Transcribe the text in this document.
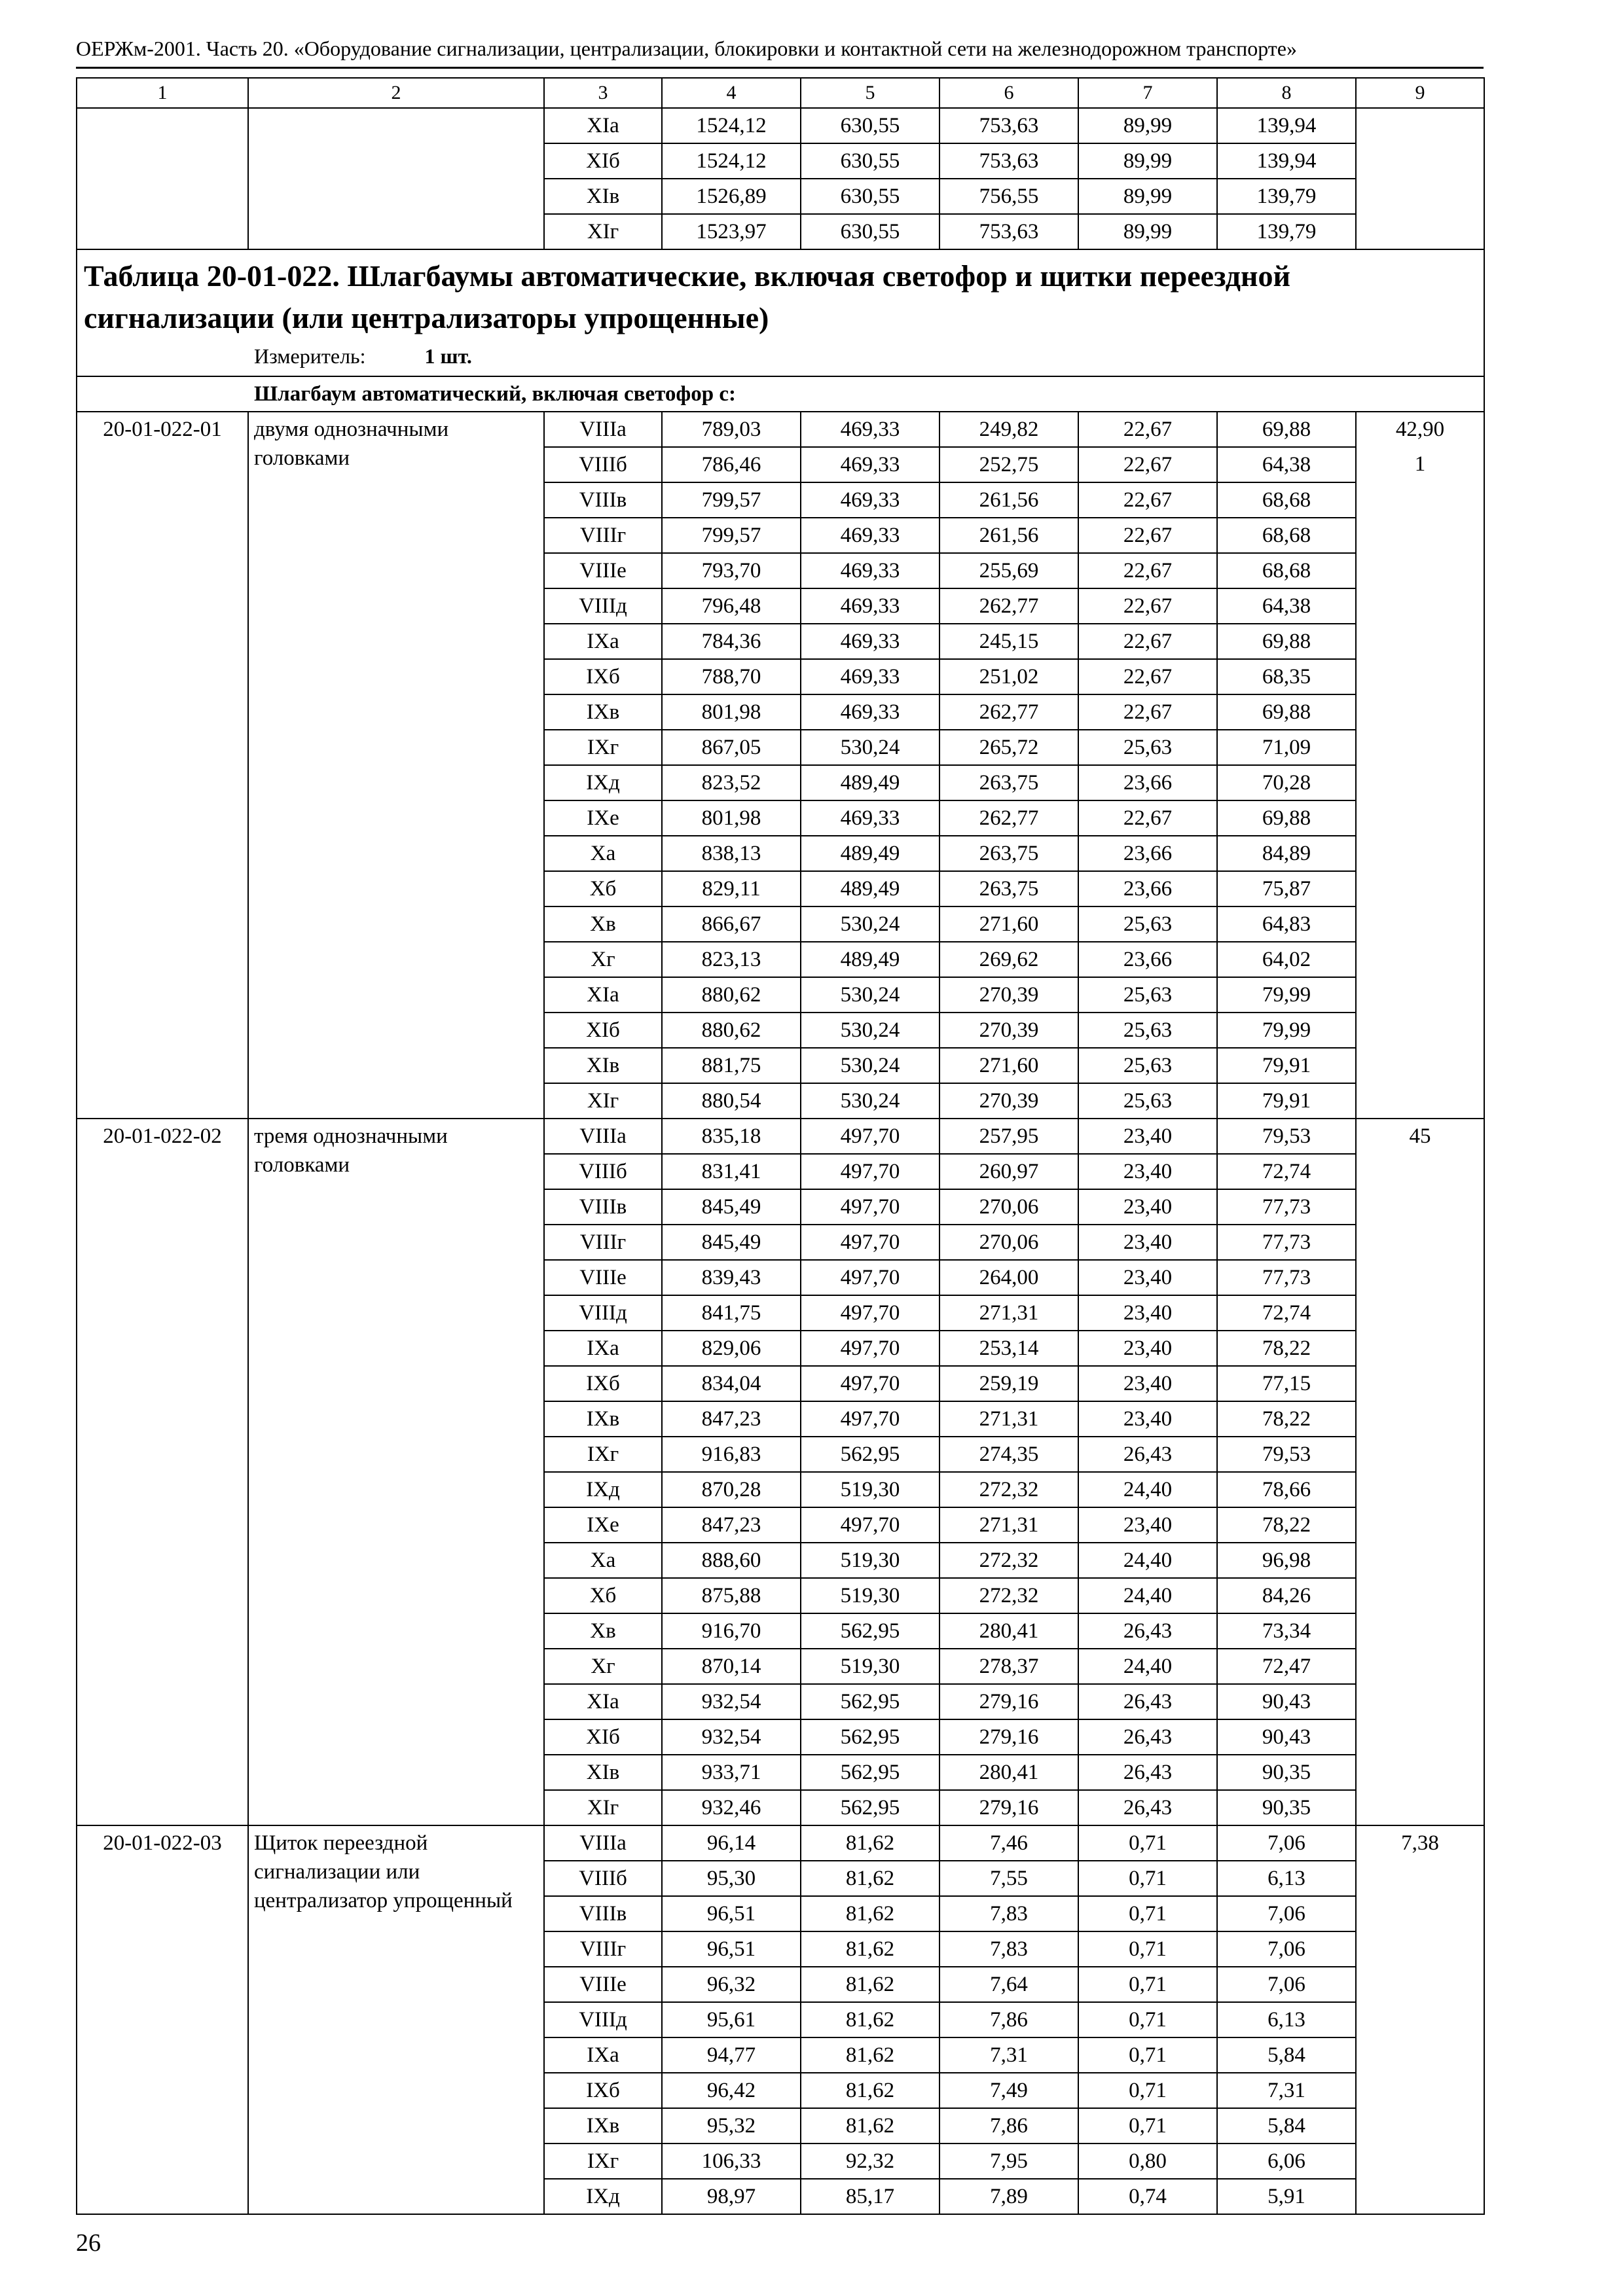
ОЕРЖм-2001. Часть 20. «Оборудование сигнализации, централизации, блокировки и контактной сети на железнодорожном транспорте»
1	2	3	4	5	6	7	8	9
		XIa	1524,12	630,55	753,63	89,99	139,94	
		XIб	1524,12	630,55	753,63	89,99	139,94	
		XIв	1526,89	630,55	756,55	89,99	139,79	
		XIг	1523,97	630,55	753,63	89,99	139,79	

Таблица 20-01-022. Шлагбаумы автоматические, включая светофор и щитки переездной сигнализации (или централизаторы упрощенные)
Измеритель: 1 шт.								

Шлагбаум автоматический, включая светофор с:								
20-01-022-01	двумя однозначными головками	VIIIa	789,03	469,33	249,82	22,67	69,88	42,90
		VIIIб	786,46	469,33	252,75	22,67	64,38	1
		VIIIв	799,57	469,33	261,56	22,67	68,68	
		VIIIг	799,57	469,33	261,56	22,67	68,68	
		VIIIе	793,70	469,33	255,69	22,67	68,68	
		VIIIд	796,48	469,33	262,77	22,67	64,38	
		IXa	784,36	469,33	245,15	22,67	69,88	
		IXб	788,70	469,33	251,02	22,67	68,35	
		IXв	801,98	469,33	262,77	22,67	69,88	
		IXг	867,05	530,24	265,72	25,63	71,09	
		IXд	823,52	489,49	263,75	23,66	70,28	
		IXе	801,98	469,33	262,77	22,67	69,88	
		Xa	838,13	489,49	263,75	23,66	84,89	
		Xб	829,11	489,49	263,75	23,66	75,87	
		Xв	866,67	530,24	271,60	25,63	64,83	
		Xг	823,13	489,49	269,62	23,66	64,02	
		XIa	880,62	530,24	270,39	25,63	79,99	
		XIб	880,62	530,24	270,39	25,63	79,99	
		XIв	881,75	530,24	271,60	25,63	79,91	
		XIг	880,54	530,24	270,39	25,63	79,91	
20-01-022-02	тремя однозначными головками	VIIIa	835,18	497,70	257,95	23,40	79,53	45
		VIIIб	831,41	497,70	260,97	23,40	72,74	
		VIIIв	845,49	497,70	270,06	23,40	77,73	
		VIIIг	845,49	497,70	270,06	23,40	77,73	
		VIIIе	839,43	497,70	264,00	23,40	77,73	
		VIIIд	841,75	497,70	271,31	23,40	72,74	
		IXa	829,06	497,70	253,14	23,40	78,22	
		IXб	834,04	497,70	259,19	23,40	77,15	
		IXв	847,23	497,70	271,31	23,40	78,22	
		IXг	916,83	562,95	274,35	26,43	79,53	
		IXд	870,28	519,30	272,32	24,40	78,66	
		IXе	847,23	497,70	271,31	23,40	78,22	
		Xa	888,60	519,30	272,32	24,40	96,98	
		Xб	875,88	519,30	272,32	24,40	84,26	
		Xв	916,70	562,95	280,41	26,43	73,34	
		Xг	870,14	519,30	278,37	24,40	72,47	
		XIa	932,54	562,95	279,16	26,43	90,43	
		XIб	932,54	562,95	279,16	26,43	90,43	
		XIв	933,71	562,95	280,41	26,43	90,35	
		XIг	932,46	562,95	279,16	26,43	90,35	
20-01-022-03	Щиток переездной сигнализации или централизатор упрощенный	VIIIa	96,14	81,62	7,46	0,71	7,06	7,38
		VIIIб	95,30	81,62	7,55	0,71	6,13	
		VIIIв	96,51	81,62	7,83	0,71	7,06	
		VIIIг	96,51	81,62	7,83	0,71	7,06	
		VIIIе	96,32	81,62	7,64	0,71	7,06	
		VIIIд	95,61	81,62	7,86	0,71	6,13	
		IXa	94,77	81,62	7,31	0,71	5,84	
		IXб	96,42	81,62	7,49	0,71	7,31	
		IXв	95,32	81,62	7,86	0,71	5,84	
		IXг	106,33	92,32	7,95	0,80	6,06	
		IXд	98,97	85,17	7,89	0,74	5,91	
26
